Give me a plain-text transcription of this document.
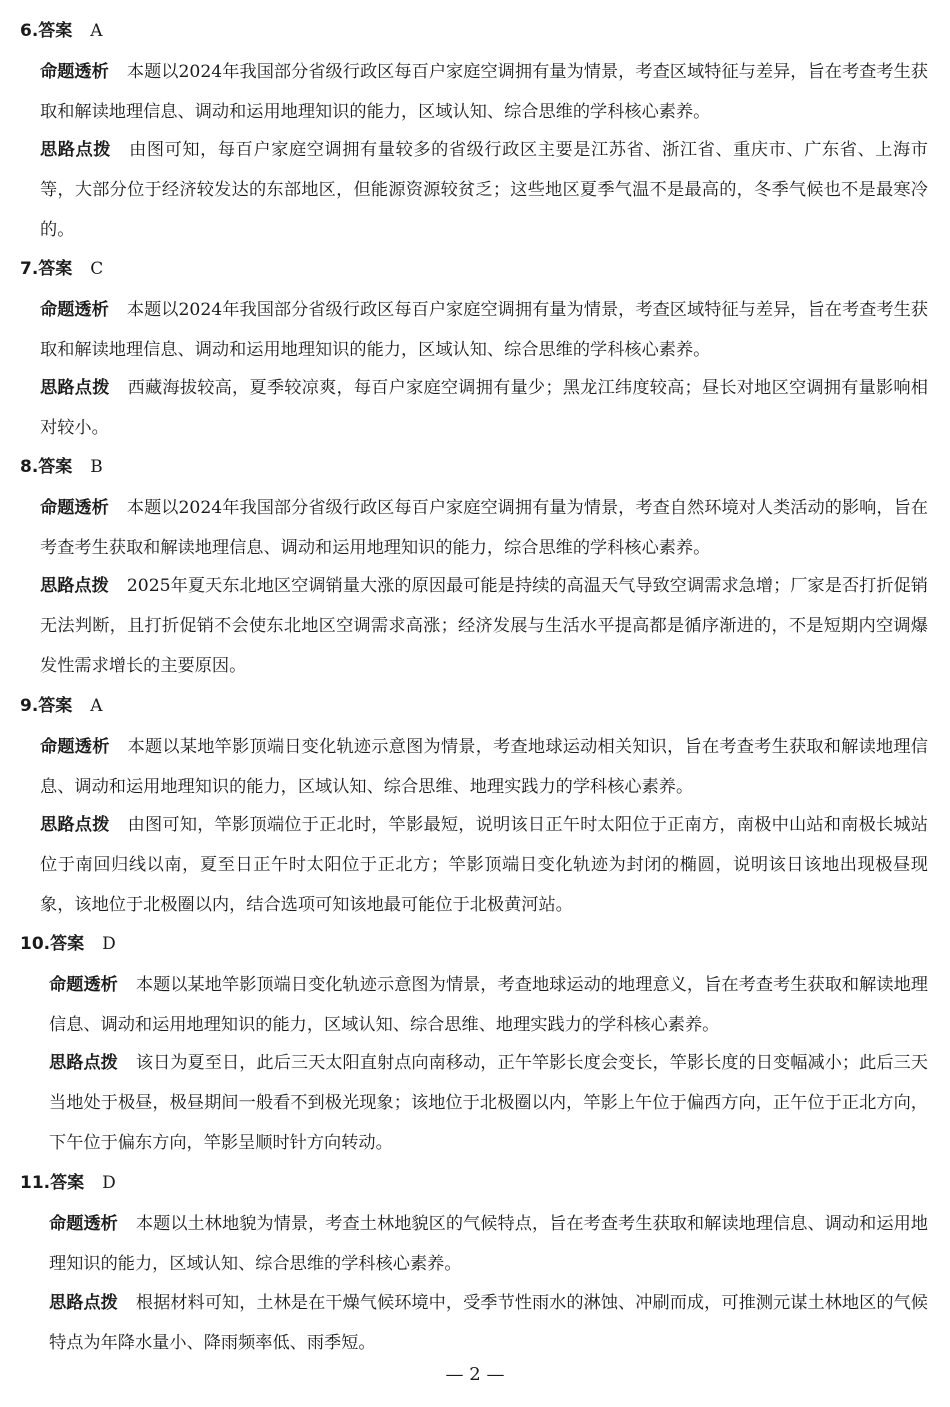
6.答案 A
命题透析 本题以2024年我国部分省级行政区每百户家庭空调拥有量为情景，考查区域特征与差异，旨在考查考生获取和解读地理信息、调动和运用地理知识的能力，区域认知、综合思维的学科核心素养。
思路点拨 由图可知，每百户家庭空调拥有量较多的省级行政区主要是江苏省、浙江省、重庆市、广东省、上海市等，大部分位于经济较发达的东部地区，但能源资源较贫乏；这些地区夏季气温不是最高的，冬季气候也不是最寒冷的。
7.答案 C
命题透析 本题以2024年我国部分省级行政区每百户家庭空调拥有量为情景，考查区域特征与差异，旨在考查考生获取和解读地理信息、调动和运用地理知识的能力，区域认知、综合思维的学科核心素养。
思路点拨 西藏海拔较高，夏季较凉爽，每百户家庭空调拥有量少；黑龙江纬度较高；昼长对地区空调拥有量影响相对较小。
8.答案 B
命题透析 本题以2024年我国部分省级行政区每百户家庭空调拥有量为情景，考查自然环境对人类活动的影响，旨在考查考生获取和解读地理信息、调动和运用地理知识的能力，综合思维的学科核心素养。
思路点拨 2025年夏天东北地区空调销量大涨的原因最可能是持续的高温天气导致空调需求急增；厂家是否打折促销无法判断，且打折促销不会使东北地区空调需求高涨；经济发展与生活水平提高都是循序渐进的，不是短期内空调爆发性需求增长的主要原因。
9.答案 A
命题透析 本题以某地竿影顶端日变化轨迹示意图为情景，考查地球运动相关知识，旨在考查考生获取和解读地理信息、调动和运用地理知识的能力，区域认知、综合思维、地理实践力的学科核心素养。
思路点拨 由图可知，竿影顶端位于正北时，竿影最短，说明该日正午时太阳位于正南方，南极中山站和南极长城站位于南回归线以南，夏至日正午时太阳位于正北方；竿影顶端日变化轨迹为封闭的椭圆，说明该日该地出现极昼现象，该地位于北极圈以内，结合选项可知该地最可能位于北极黄河站。
10.答案 D
命题透析 本题以某地竿影顶端日变化轨迹示意图为情景，考查地球运动的地理意义，旨在考查考生获取和解读地理信息、调动和运用地理知识的能力，区域认知、综合思维、地理实践力的学科核心素养。
思路点拨 该日为夏至日，此后三天太阳直射点向南移动，正午竿影长度会变长，竿影长度的日变幅减小；此后三天当地处于极昼，极昼期间一般看不到极光现象；该地位于北极圈以内，竿影上午位于偏西方向，正午位于正北方向，下午位于偏东方向，竿影呈顺时针方向转动。
11.答案 D
命题透析 本题以土林地貌为情景，考查土林地貌区的气候特点，旨在考查考生获取和解读地理信息、调动和运用地理知识的能力，区域认知、综合思维的学科核心素养。
思路点拨 根据材料可知，土林是在干燥气候环境中，受季节性雨水的淋蚀、冲刷而成，可推测元谋土林地区的气候特点为年降水量小、降雨频率低、雨季短。
— 2 —
